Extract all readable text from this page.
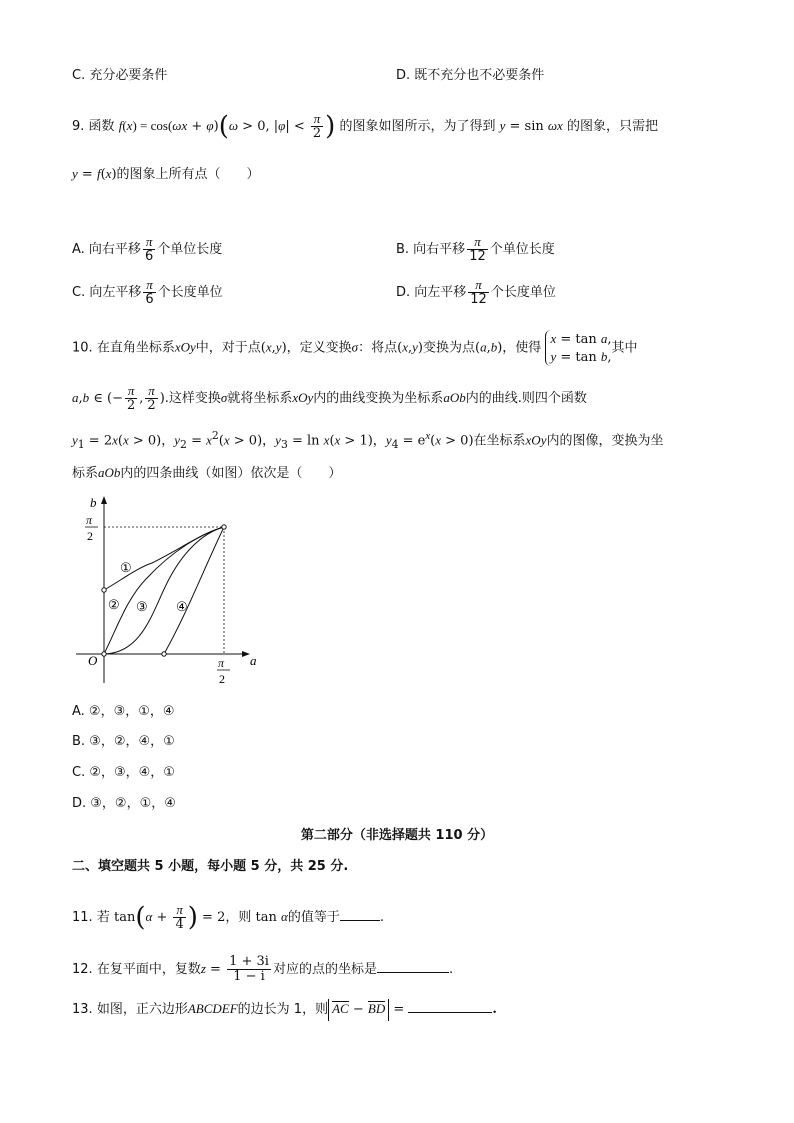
C. 充分必要条件	D. 既不充分也不必要条件
9. 函数 f(x) = cos(ωx + φ)(ω > 0, $|\varphi| < \frac{\pi}{2}$ ) 的图象如图所示，为了得到 y = sin ωx 的图象，只需把
y = f(x)的图象上所有点（　　）
A. 向右平移 $\frac{\pi}{6}$ 个单位长度	B. 向右平移 $\frac{\pi}{12}$ 个单位长度
C. 向左平移 $\frac{\pi}{6}$ 个长度单位	D. 向左平移 $\frac{\pi}{12}$ 个长度单位
10. 在直角坐标系xOy中，对于点(x,y)，定义变换σ：将点(x,y)变换为点(a,b)，使得 x = tan a,
y = tan b,其中
a,b ∈ (− $\frac{\pi}{2}$ , $\frac{\pi}{2}$ ).这样变换σ就将坐标系xOy内的曲线变换为坐标系aOb内的曲线.则四个函数
$y_1 = 2x(x > 0)$，$y_2 = x^2(x > 0)$，$y_3 = \ln x(x > 1)$，$y_4 = e^x(x > 0)$在坐标系xOy内的图像，变换为坐
标系aOb内的四条曲线（如图）依次是（　　）
b
a
O
π
2
π
2
①
② ③ ④
A. ②，③，①，④
B. ③，②，④，①
C. ②，③，④，①
D. ③，②，①，④
第二部分（非选择题共 110 分）
二、填空题共 5 小题，每小题 5 分，共 25 分.
11. 若 $\tan(\alpha + \frac{\pi}{4}$ ) = 2，则 tan α的值等于	.
12. 在复平面中，复数$z = \frac{1 + 3i}{1 - i}$ 对应的点的坐标是	.
13. 如图，正六边形ABCDEF的边长为 1，则 AC − BD =	.
